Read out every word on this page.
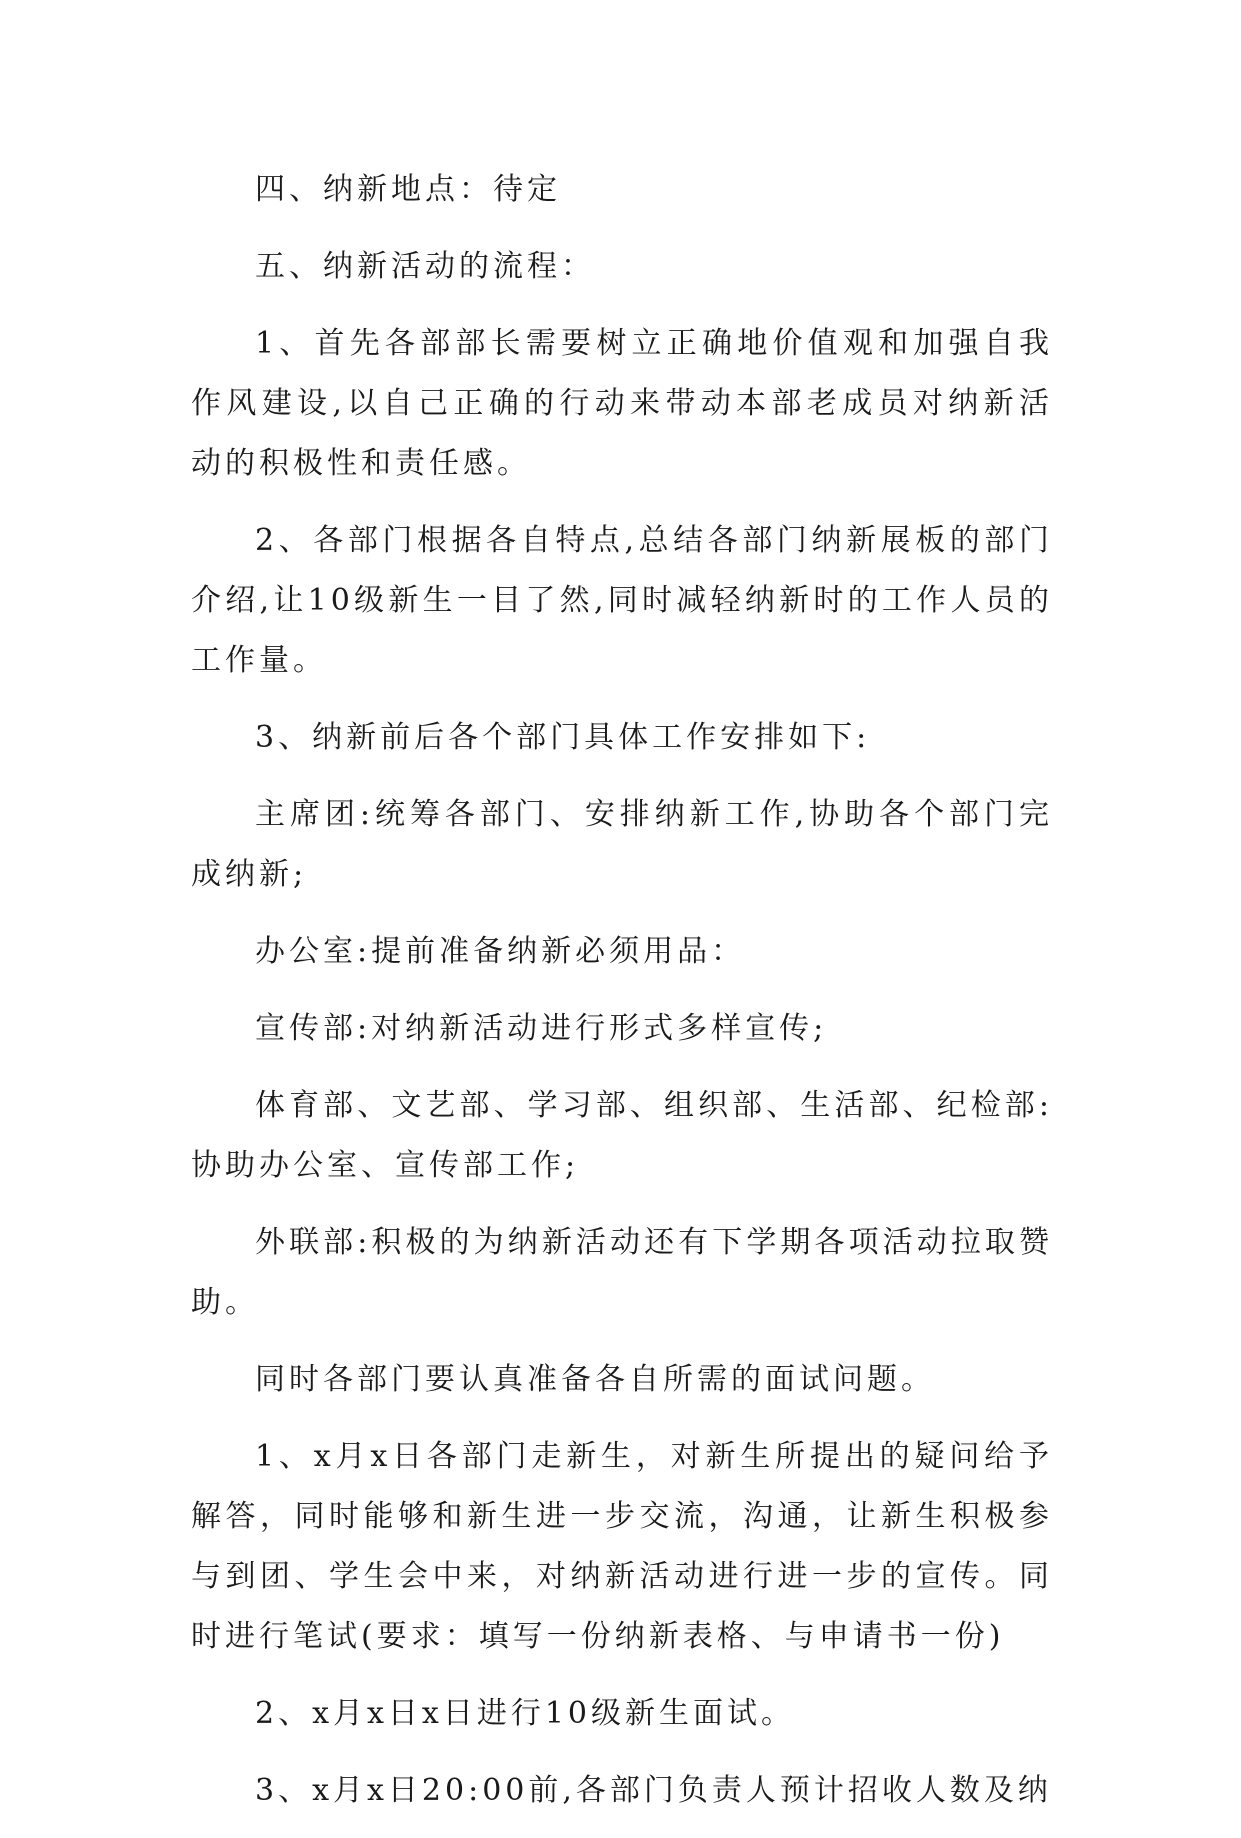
四、纳新地点：待定

五、纳新活动的流程：

1、首先各部部长需要树立正确地价值观和加强自我作风建设,以自己正确的行动来带动本部老成员对纳新活动的积极性和责任感。

2、各部门根据各自特点,总结各部门纳新展板的部门介绍,让10级新生一目了然,同时减轻纳新时的工作人员的工作量。

3、纳新前后各个部门具体工作安排如下:

主席团:统筹各部门、安排纳新工作,协助各个部门完成纳新;

办公室:提前准备纳新必须用品：

宣传部:对纳新活动进行形式多样宣传;

体育部、文艺部、学习部、组织部、生活部、纪检部:协助办公室、宣传部工作;

外联部:积极的为纳新活动还有下学期各项活动拉取赞助。

同时各部门要认真准备各自所需的面试问题。

1、x月x日各部门走新生，对新生所提出的疑问给予解答，同时能够和新生进一步交流，沟通，让新生积极参与到团、学生会中来，对纳新活动进行进一步的宣传。同时进行笔试(要求：填写一份纳新表格、与申请书一份)

2、x月x日x日进行10级新生面试。

3、x月x日20:00前,各部门负责人预计招收人数及纳
